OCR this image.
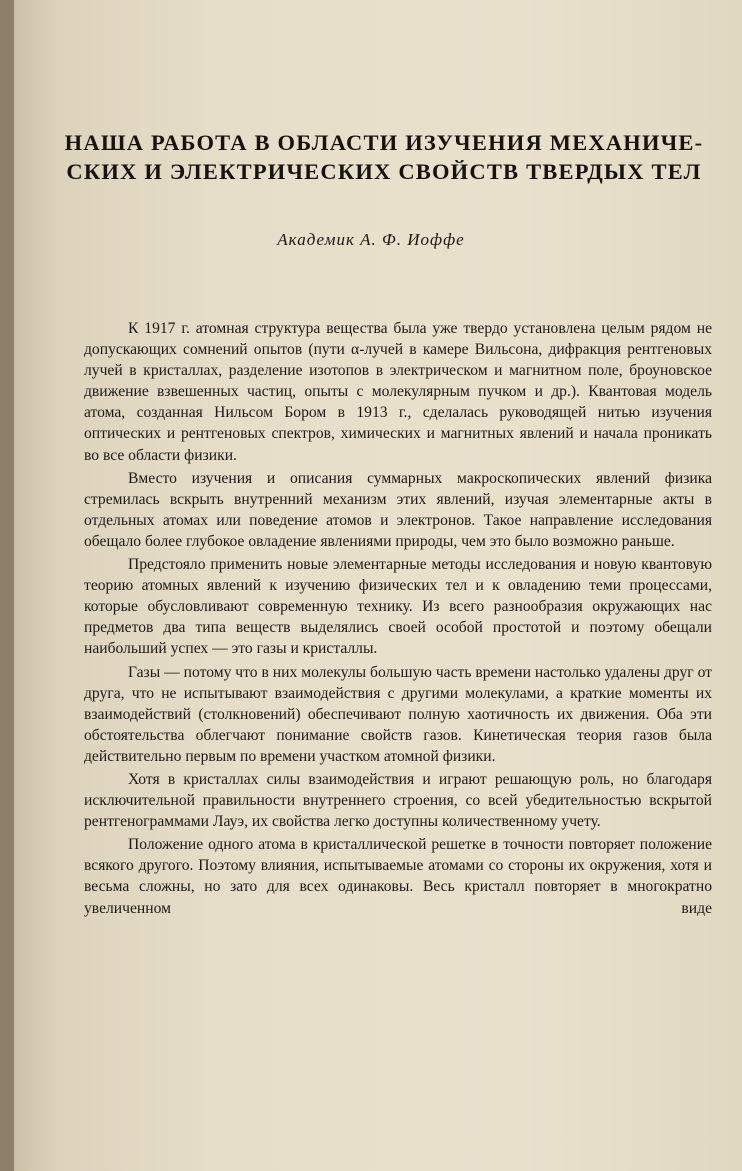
НАША РАБОТА В ОБЛАСТИ ИЗУЧЕНИЯ МЕХАНИЧЕ-
СКИХ И ЭЛЕКТРИЧЕСКИХ СВОЙСТВ ТВЕРДЫХ ТЕЛ

Академик А. Ф. Иоффе

К 1917 г. атомная структура вещества была уже твердо установлена целым рядом не допускающих сомнений опытов (пути α-лучей в камере Вильсона, дифракция рентгеновых лучей в кристаллах, разделение изотопов в электрическом и магнитном поле, броуновское движение взвешенных частиц, опыты с молекулярным пучком и др.). Квантовая модель атома, созданная Нильсом Бором в 1913 г., сделалась руководящей нитью изучения оптических и рентгеновых спектров, химических и магнитных явлений и начала проникать во все области физики.

Вместо изучения и описания суммарных макроскопических явлений физика стремилась вскрыть внутренний механизм этих явлений, изучая элементарные акты в отдельных атомах или поведение атомов и электронов. Такое направление исследования обещало более глубокое овладение явлениями природы, чем это было возможно раньше.

Предстояло применить новые элементарные методы исследования и новую квантовую теорию атомных явлений к изучению физических тел и к овладению теми процессами, которые обусловливают современную технику. Из всего разнообразия окружающих нас предметов два типа веществ выделялись своей особой простотой и поэтому обещали наибольший успех — это газы и кристаллы.

Газы — потому что в них молекулы большую часть времени настолько удалены друг от друга, что не испытывают взаимодействия с другими молекулами, а краткие моменты их взаимодействий (столкновений) обеспечивают полную хаотичность их движения. Оба эти обстоятельства облегчают понимание свойств газов. Кинетическая теория газов была действительно первым по времени участком атомной физики.

Хотя в кристаллах силы взаимодействия и играют решающую роль, но благодаря исключительной правильности внутреннего строения, со всей убедительностью вскрытой рентгенограммами Лауэ, их свойства легко доступны количественному учету.

Положение одного атома в кристаллической решетке в точности повторяет положение всякого другого. Поэтому влияния, испытываемые атомами со стороны их окружения, хотя и весьма сложны, но зато для всех одинаковы. Весь кристалл повторяет в многократно увеличенном виде
